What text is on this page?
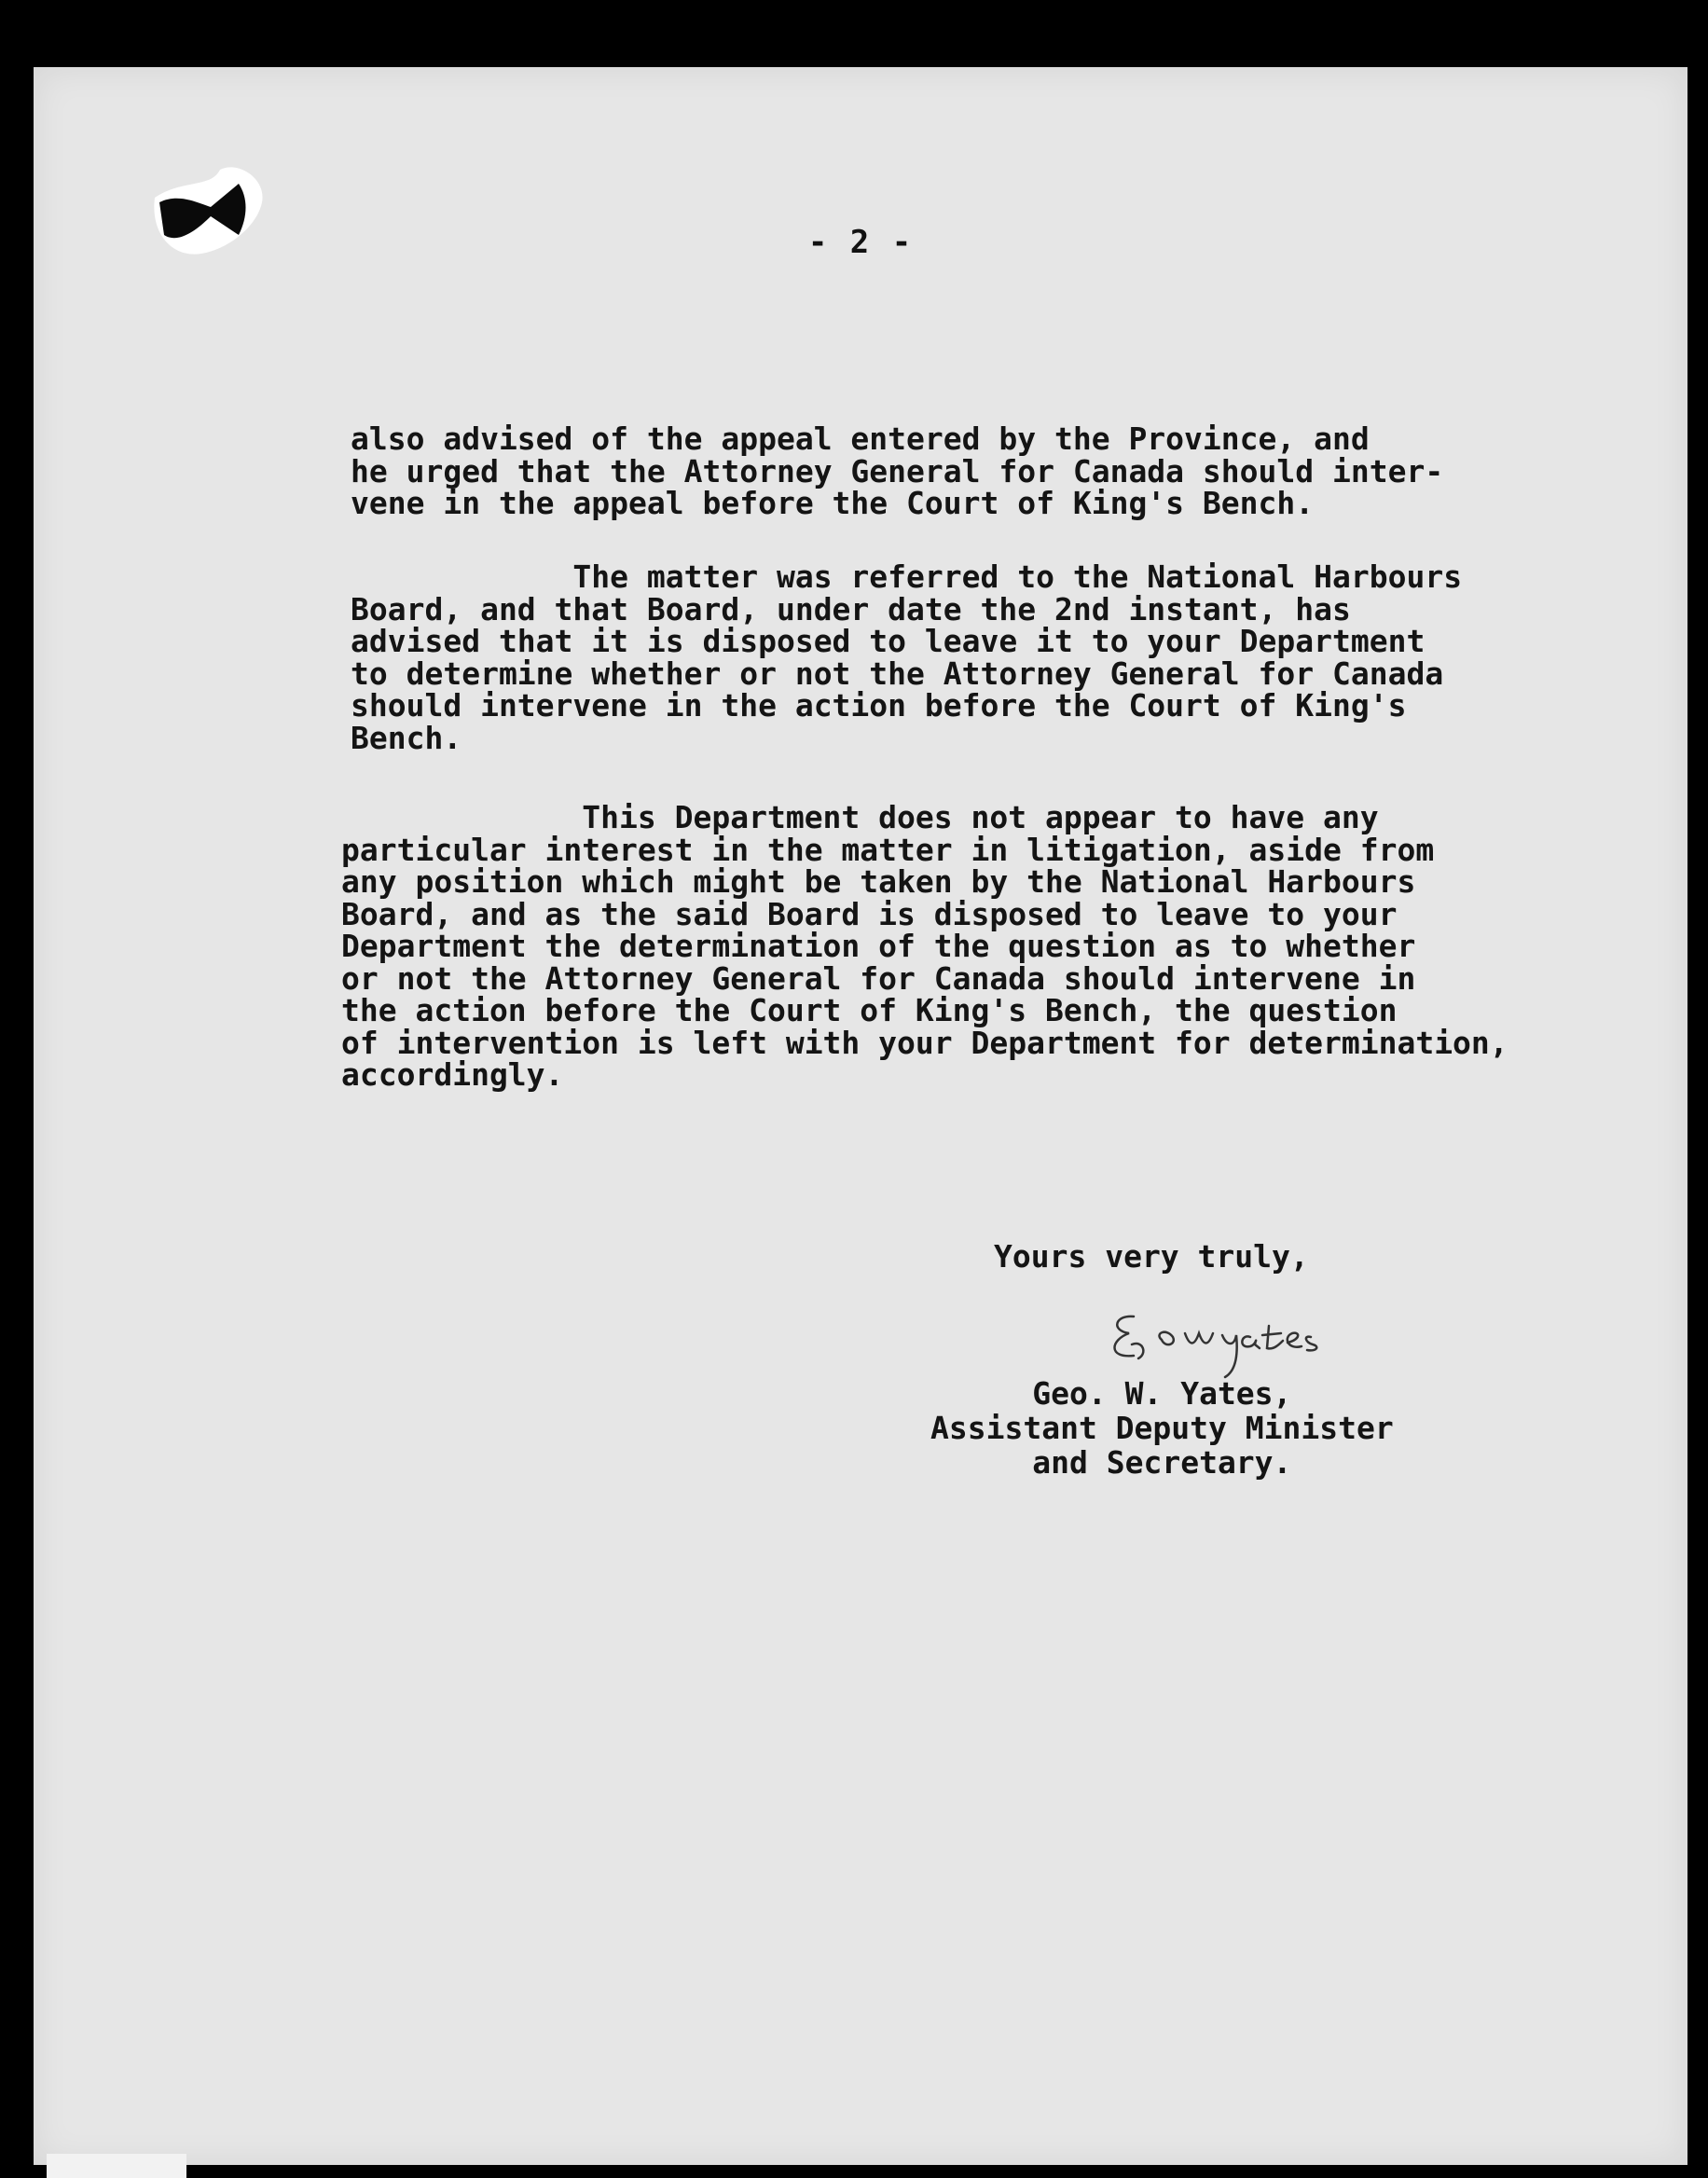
- 2 -

also advised of the appeal entered by the Province, and
he urged that the Attorney General for Canada should inter-
vene in the appeal before the Court of King's Bench.

The matter was referred to the National Harbours
Board, and that Board, under date the 2nd instant, has
advised that it is disposed to leave it to your Department
to determine whether or not the Attorney General for Canada
should intervene in the action before the Court of King's
Bench.

This Department does not appear to have any
particular interest in the matter in litigation, aside from
any position which might be taken by the National Harbours
Board, and as the said Board is disposed to leave to your
Department the determination of the question as to whether
or not the Attorney General for Canada should intervene in
the action before the Court of King's Bench, the question
of intervention is left with your Department for determination,
accordingly.

Yours very truly,

Geo. W. Yates,
Assistant Deputy Minister
and Secretary.
